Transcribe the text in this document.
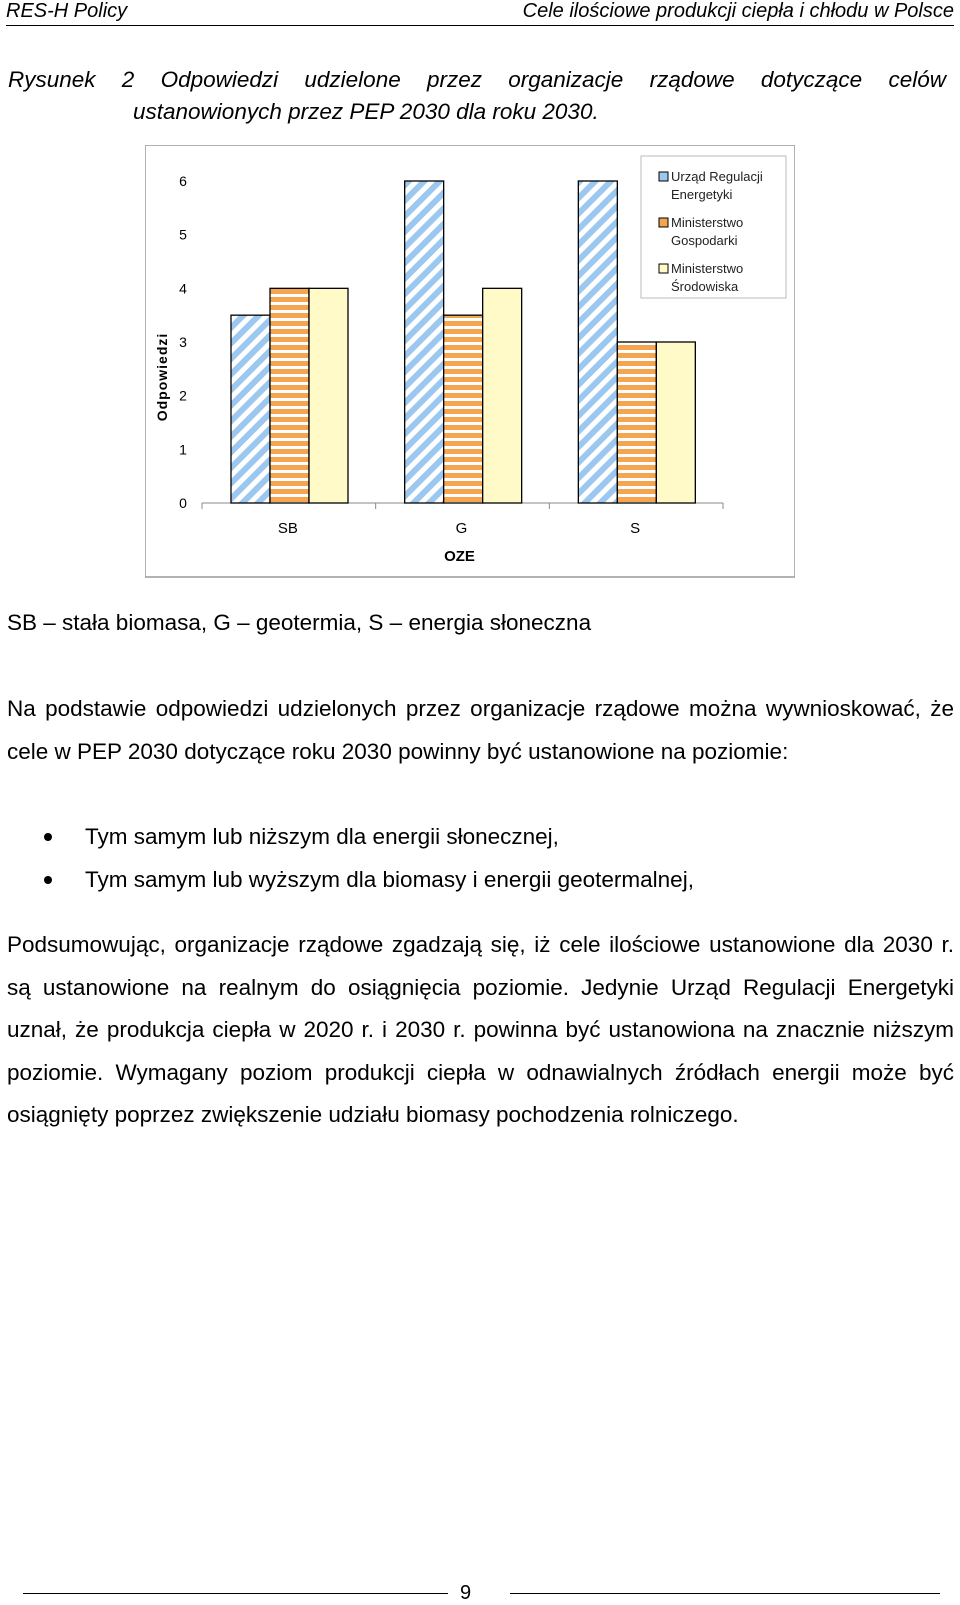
RES-H Policy	Cele ilościowe produkcji ciepła i chłodu w Polsce
Rysunek 2 Odpowiedzi udzielone przez organizacje rządowe dotyczące celów
ustanowionych przez PEP 2030 dla roku 2030.
0
1
2
3
4
5
6
Odpowiedzi
SB	G	S
OZE
Urząd Regulacji
Energetyki
Ministerstwo
Gospodarki
Ministerstwo
Środowiska
SB – stała biomasa, G – geotermia, S – energia słoneczna
Na podstawie odpowiedzi udzielonych przez organizacje rządowe można wywnioskować, że cele w PEP 2030 dotyczące roku 2030 powinny być ustanowione na poziomie:
Tym samym lub niższym dla energii słonecznej,
Tym samym lub wyższym dla biomasy i energii geotermalnej,
Podsumowując, organizacje rządowe zgadzają się, iż cele ilościowe ustanowione dla 2030 r. są ustanowione na realnym do osiągnięcia poziomie. Jedynie Urząd Regulacji Energetyki uznał, że produkcja ciepła w 2020 r. i 2030 r. powinna być ustanowiona na znacznie niższym poziomie. Wymagany poziom produkcji ciepła w odnawialnych źródłach energii może być osiągnięty poprzez zwiększenie udziału biomasy pochodzenia rolniczego.
9
